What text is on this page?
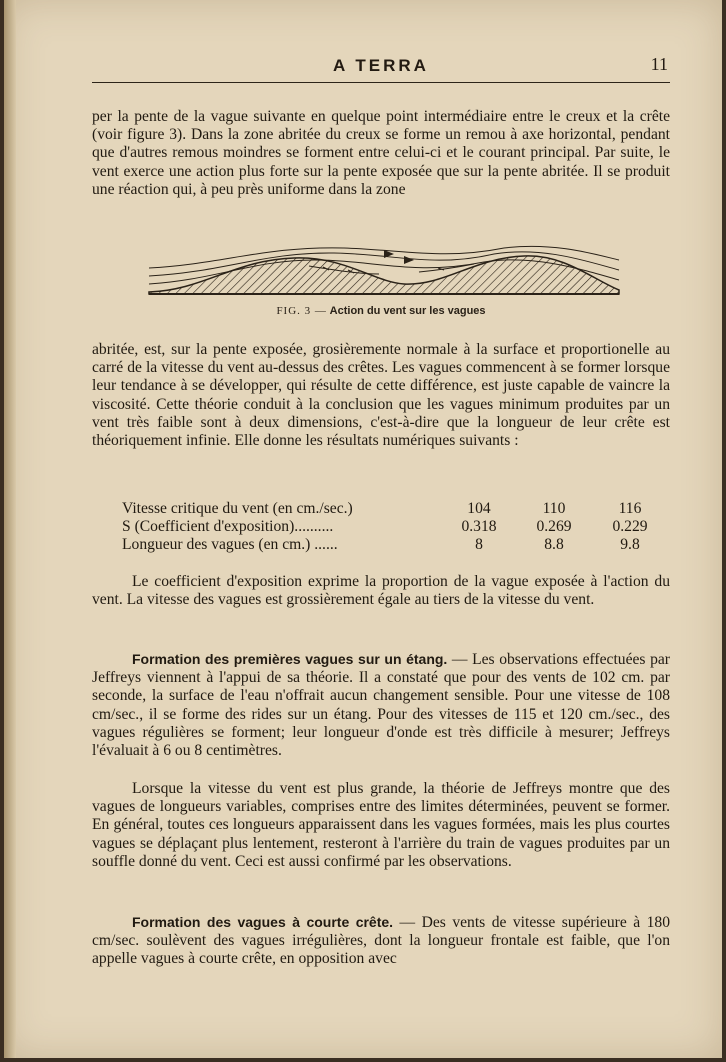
A TERRA	11
per la pente de la vague suivante en quelque point intermédiaire entre le creux et la crête (voir figure 3). Dans la zone abritée du creux se forme un remou à axe horizontal, pendant que d'autres remous moindres se forment entre celui-ci et le courant principal. Par suite, le vent exerce une action plus forte sur la pente exposée que sur la pente abritée. Il se produit une réaction qui, à peu près uniforme dans la zone
FIG. 3 — Action du vent sur les vagues
abritée, est, sur la pente exposée, grosièremente normale à la surface et proportionelle au carré de la vitesse du vent au-dessus des crêtes. Les vagues commencent à se former lorsque leur tendance à se développer, qui résulte de cette différence, est juste capable de vaincre la viscosité. Cette théorie conduit à la conclusion que les vagues minimum produites par un vent très faible sont à deux dimensions, c'est-à-dire que la longueur de leur crête est théoriquement infinie. Elle donne les résultats numériques suivants :
Vitesse critique du vent (en cm./sec.)	104	110	116
S (Coefficient d'exposition)..........	0.318	0.269	0.229
Longueur des vagues (en cm.) ......	8	8.8	9.8
Le coefficient d'exposition exprime la proportion de la vague exposée à l'action du vent. La vitesse des vagues est grossièrement égale au tiers de la vitesse du vent.
Formation des premières vagues sur un étang. — Les observations effectuées par Jeffreys viennent à l'appui de sa théorie. Il a constaté que pour des vents de 102 cm. par seconde, la surface de l'eau n'offrait aucun changement sensible. Pour une vitesse de 108 cm/sec., il se forme des rides sur un étang. Pour des vitesses de 115 et 120 cm./sec., des vagues régulières se forment; leur longueur d'onde est très difficile à mesurer; Jeffreys l'évaluait à 6 ou 8 centimètres.
Lorsque la vitesse du vent est plus grande, la théorie de Jeffreys montre que des vagues de longueurs variables, comprises entre des limites déterminées, peuvent se former. En général, toutes ces longueurs apparaissent dans les vagues formées, mais les plus courtes vagues se déplaçant plus lentement, resteront à l'arrière du train de vagues produites par un souffle donné du vent. Ceci est aussi confirmé par les observations.
Formation des vagues à courte crête. — Des vents de vitesse supérieure à 180 cm/sec. soulèvent des vagues irrégulières, dont la longueur frontale est faible, que l'on appelle vagues à courte crête, en opposition avec
